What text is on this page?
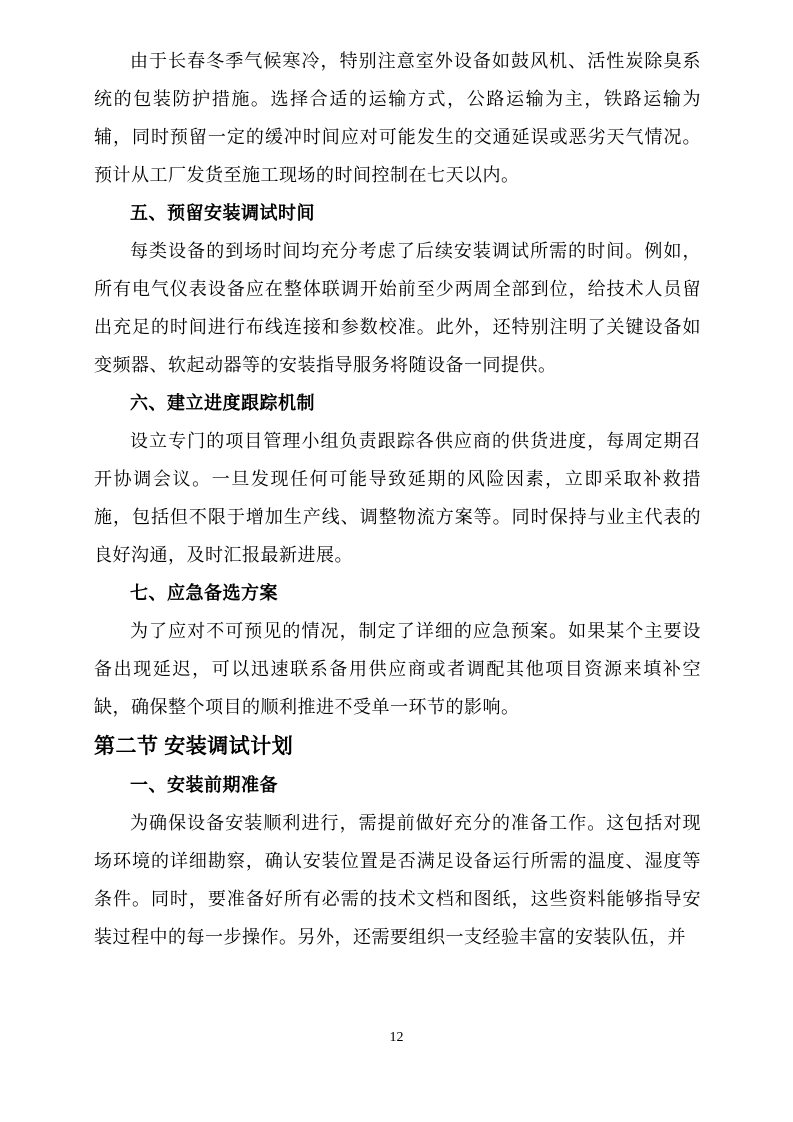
由于长春冬季气候寒冷，特别注意室外设备如鼓风机、活性炭除臭系统的包装防护措施。选择合适的运输方式，公路运输为主，铁路运输为辅，同时预留一定的缓冲时间应对可能发生的交通延误或恶劣天气情况。预计从工厂发货至施工现场的时间控制在七天以内。

五、预留安装调试时间

每类设备的到场时间均充分考虑了后续安装调试所需的时间。例如，所有电气仪表设备应在整体联调开始前至少两周全部到位，给技术人员留出充足的时间进行布线连接和参数校准。此外，还特别注明了关键设备如变频器、软起动器等的安装指导服务将随设备一同提供。

六、建立进度跟踪机制

设立专门的项目管理小组负责跟踪各供应商的供货进度，每周定期召开协调会议。一旦发现任何可能导致延期的风险因素，立即采取补救措施，包括但不限于增加生产线、调整物流方案等。同时保持与业主代表的良好沟通，及时汇报最新进展。

七、应急备选方案

为了应对不可预见的情况，制定了详细的应急预案。如果某个主要设备出现延迟，可以迅速联系备用供应商或者调配其他项目资源来填补空缺，确保整个项目的顺利推进不受单一环节的影响。

第二节 安装调试计划

一、安装前期准备

为确保设备安装顺利进行，需提前做好充分的准备工作。这包括对现场环境的详细勘察，确认安装位置是否满足设备运行所需的温度、湿度等条件。同时，要准备好所有必需的技术文档和图纸，这些资料能够指导安装过程中的每一步操作。另外，还需要组织一支经验丰富的安装队伍，并

12
